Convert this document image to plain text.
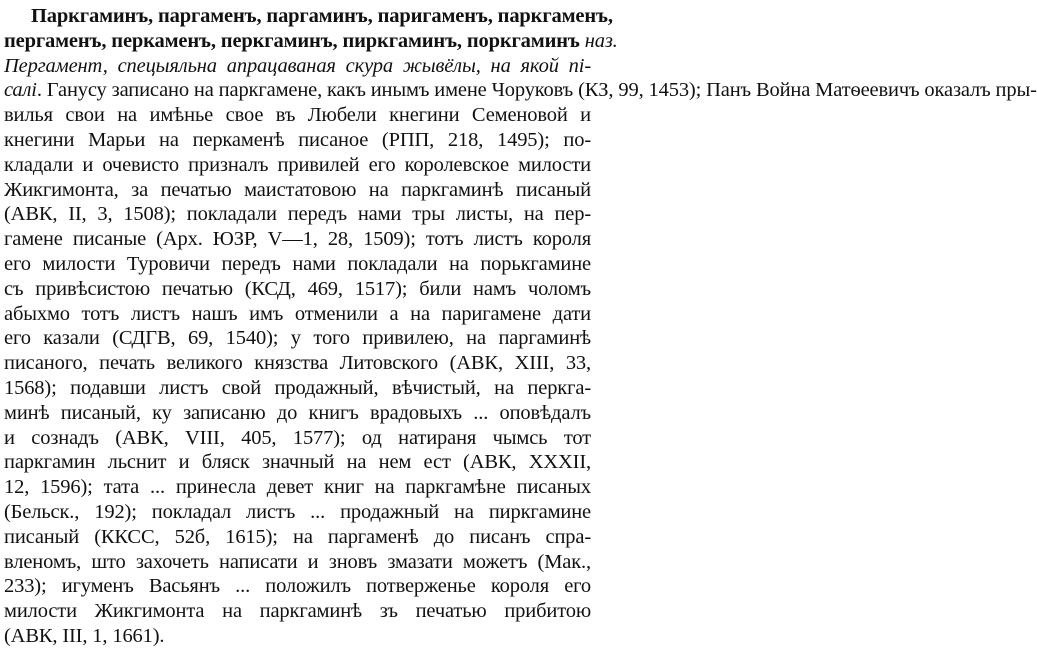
Паркгаминъ, паргаменъ, паргаминъ, паригаменъ, паркгаменъ,
пергаменъ, перкаменъ, перкгаминъ, пиркгаминъ, поркгаминъ наз.
Пергамент, спецыяльна апрацаваная скура жывёлы, на якой пі-
салі. Ганусу записано на паркгамене, какъ инымъ имене Чоруковъ (КЗ, 99, 1453); Панъ Война Матѳеевичъ оказалъ пры-
вилья свои на имѣнье свое въ Любели кнегини Семеновой и
кнегини Марьи на перкаменѣ писаное (РПП, 218, 1495); по-
кладали и очевисто призналъ привилей его королевское милости
Жикгимонта, за печатью маистатовою на паркгаминѣ писаный
(АВК, II, 3, 1508); покладали передъ нами тры листы, на пер-
гамене писаные (Арх. ЮЗР, V—1, 28, 1509); тотъ листъ короля
его милости Туровичи передъ нами покладали на порькгамине
съ привѣсистою печатью (КСД, 469, 1517); били намъ чоломъ
абыхмо тотъ листъ нашъ имъ отменили а на паригамене дати
его казали (СДГВ, 69, 1540); у того привилею, на паргаминѣ
писаного, печать великого князства Литовского (АВК, XIII, 33,
1568); подавши листъ свой продажный, вѣчистый, на перкга-
минѣ писаный, ку записаню до книгъ врадовыхъ ... оповѣдалъ
и сознадъ (АВК, VIII, 405, 1577); од натираня чымсь тот
паркгамин льснит и бляск значный на нем ест (АВК, XXXII,
12, 1596); тата ... принесла девет книг на паркгамѣне писаных
(Бельск., 192); покладал листъ ... продажный на пиркгамине
писаный (ККСС, 52б, 1615); на паргаменѣ до писанъ спра-
вленомъ, што захочеть написати и зновъ змазати можетъ (Мак.,
233); игуменъ Васьянъ ... положилъ потверженье короля его
милости Жикгимонта на паркгаминѣ зъ печатью прибитою
(АВК, III, 1, 1661).
